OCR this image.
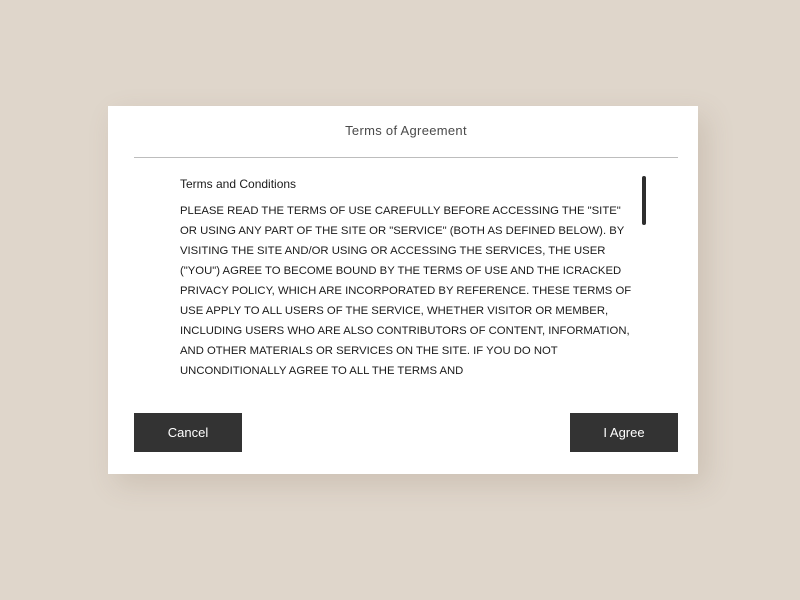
Terms of Agreement
Terms and Conditions

PLEASE READ THE TERMS OF USE CAREFULLY BEFORE ACCESSING THE "SITE" OR USING ANY PART OF THE SITE OR "SERVICE" (BOTH AS DEFINED BELOW). BY VISITING THE SITE AND/OR USING OR ACCESSING THE SERVICES, THE USER ("YOU") AGREE TO BECOME BOUND BY THE TERMS OF USE AND THE ICRACKED PRIVACY POLICY, WHICH ARE INCORPORATED BY REFERENCE. THESE TERMS OF USE APPLY TO ALL USERS OF THE SERVICE, WHETHER VISITOR OR MEMBER, INCLUDING USERS WHO ARE ALSO CONTRIBUTORS OF CONTENT, INFORMATION, AND OTHER MATERIALS OR SERVICES ON THE SITE. IF YOU DO NOT UNCONDITIONALLY AGREE TO ALL THE TERMS AND

Cancel	I Agree
